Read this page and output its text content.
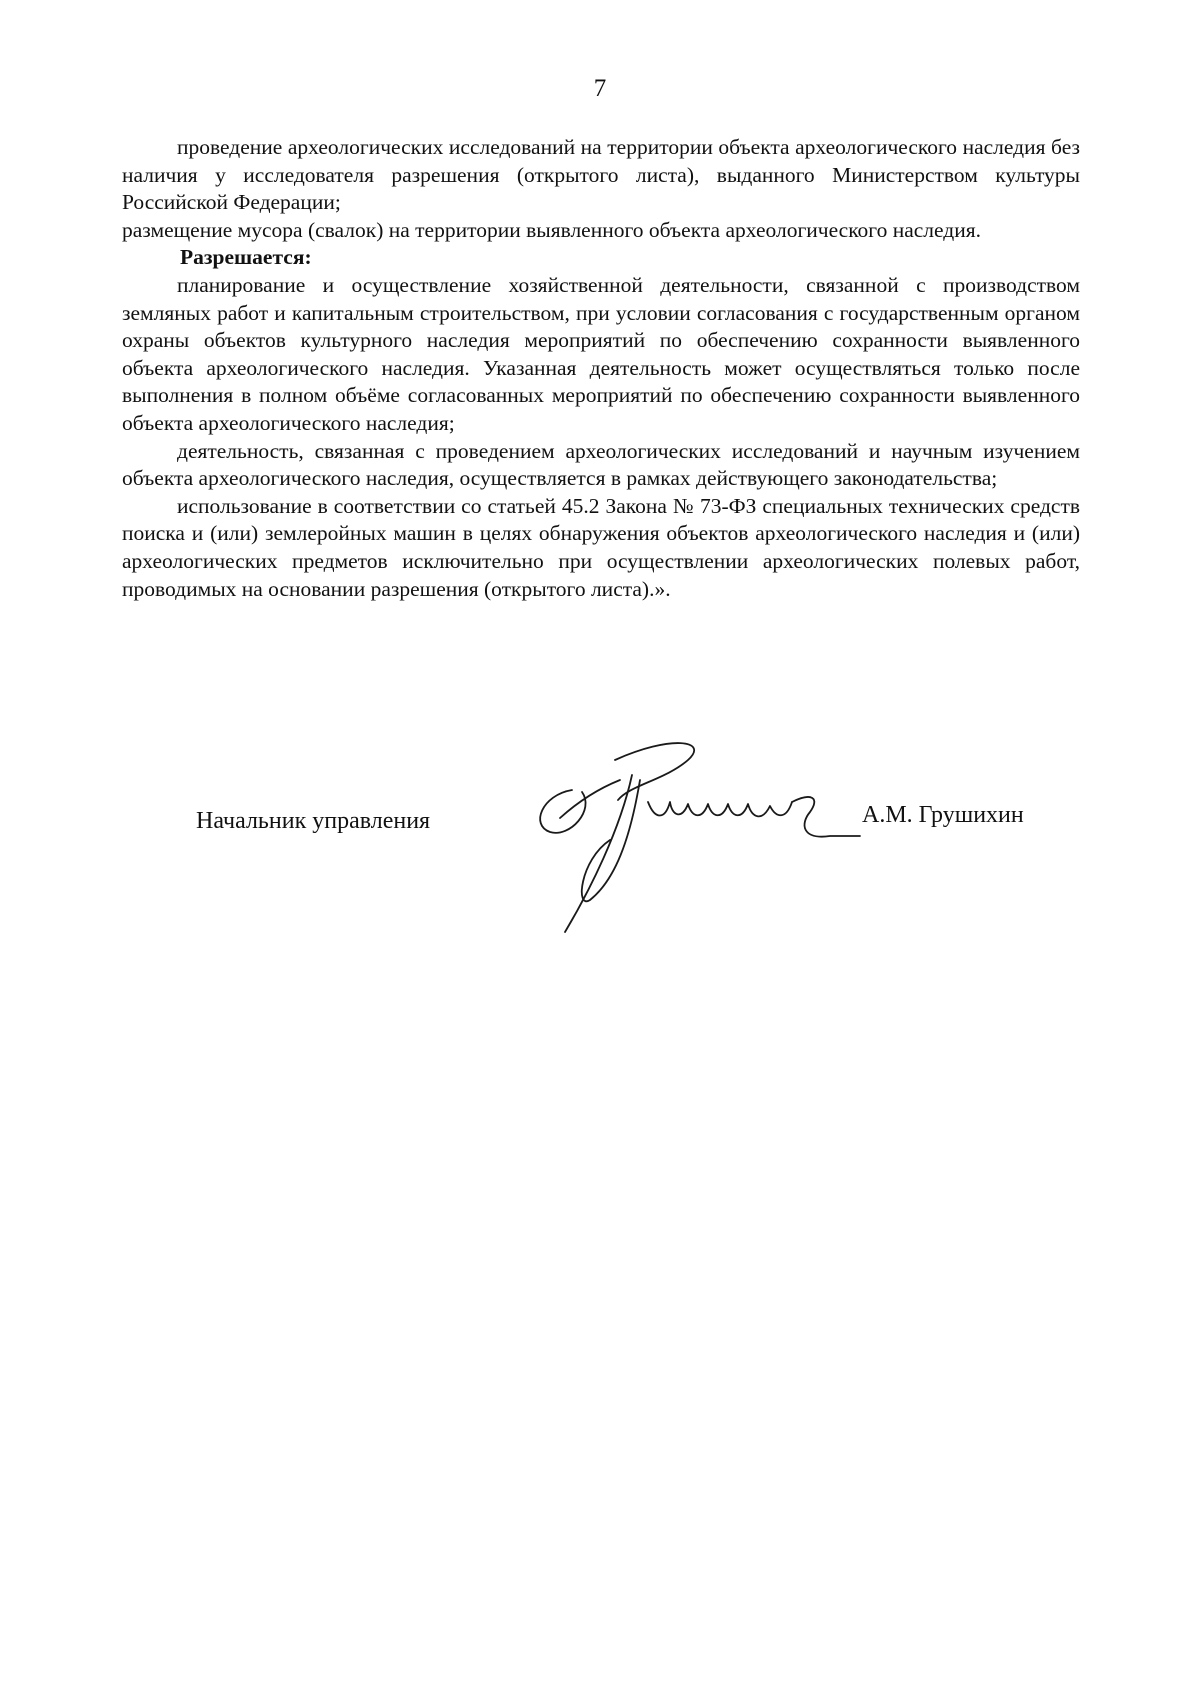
7

проведение археологических исследований на территории объекта археологического наследия без наличия у исследователя разрешения (открытого листа), выданного Министерством культуры Российской Федерации;

размещение мусора (свалок) на территории выявленного объекта археологического наследия.

Разрешается:

планирование и осуществление хозяйственной деятельности, связанной с производством земляных работ и капитальным строительством, при условии согласования с государственным органом охраны объектов культурного наследия мероприятий по обеспечению сохранности выявленного объекта археологического наследия. Указанная деятельность может осуществляться только после выполнения в полном объёме согласованных мероприятий по обеспечению сохранности выявленного объекта археологического наследия;

деятельность, связанная с проведением археологических исследований и научным изучением объекта археологического наследия, осуществляется в рамках действующего законодательства;

использование в соответствии со статьей 45.2 Закона № 73-ФЗ специальных технических средств поиска и (или) землеройных машин в целях обнаружения объектов археологического наследия и (или) археологических предметов исключительно при осуществлении археологических полевых работ, проводимых на основании разрешения (открытого листа).».

Начальник управления	А.М. Грушихин
